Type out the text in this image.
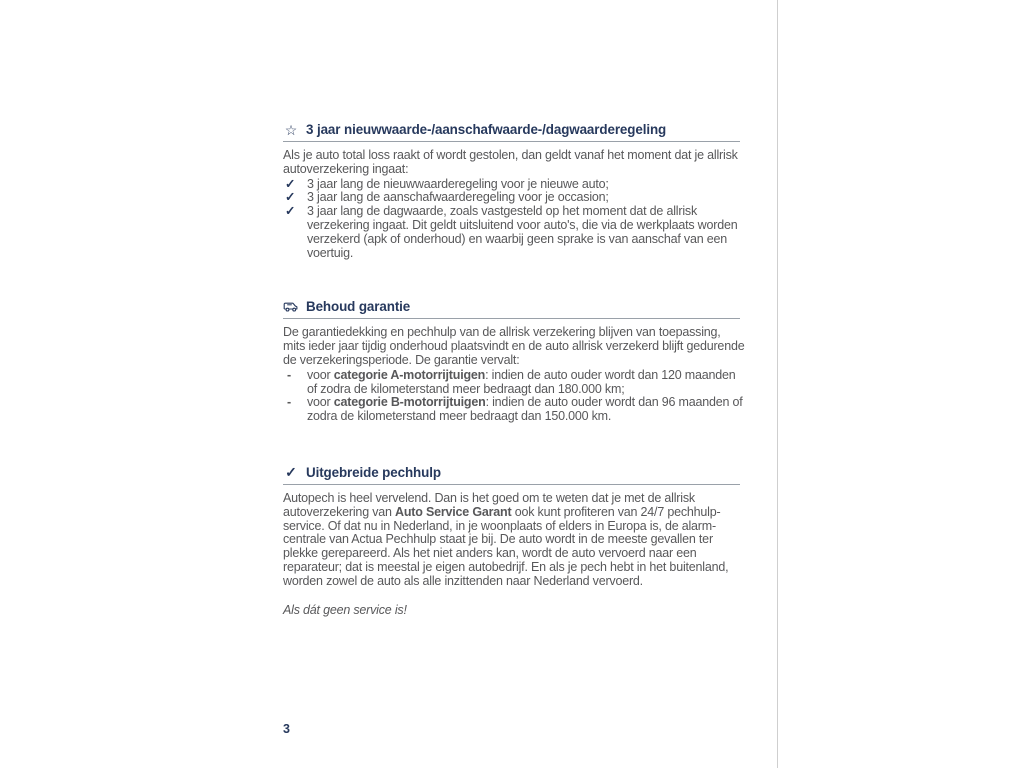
☆ 3 jaar nieuwwaarde-/aanschafwaarde-/dagwaarderegeling

Als je auto total loss raakt of wordt gestolen, dan geldt vanaf het moment dat je allrisk autoverzekering ingaat:

✓ 3 jaar lang de nieuwwaarderegeling voor je nieuwe auto;
✓ 3 jaar lang de aanschafwaarderegeling voor je occasion;
✓ 3 jaar lang de dagwaarde, zoals vastgesteld op het moment dat de allrisk verzekering ingaat. Dit geldt uitsluitend voor auto's, die via de werkplaats worden verzekerd (apk of onderhoud) en waarbij geen sprake is van aanschaf van een voertuig.
Behoud garantie

De garantiedekking en pechhulp van de allrisk verzekering blijven van toepassing, mits ieder jaar tijdig onderhoud plaatsvindt en de auto allrisk verzekerd blijft gedurende de verzekeringsperiode. De garantie vervalt:

- voor categorie A-motorrijtuigen: indien de auto ouder wordt dan 120 maanden of zodra de kilometerstand meer bedraagt dan 180.000 km;
- voor categorie B-motorrijtuigen: indien de auto ouder wordt dan 96 maanden of zodra de kilometerstand meer bedraagt dan 150.000 km.
✓ Uitgebreide pechhulp

Autopech is heel vervelend. Dan is het goed om te weten dat je met de allrisk autoverzekering van Auto Service Garant ook kunt profiteren van 24/7 pechhulp-service. Of dat nu in Nederland, in je woonplaats of elders in Europa is, de alarm-centrale van Actua Pechhulp staat je bij. De auto wordt in de meeste gevallen ter plekke gerepareerd. Als het niet anders kan, wordt de auto vervoerd naar een reparateur; dat is meestal je eigen autobedrijf. En als je pech hebt in het buitenland, worden zowel de auto als alle inzittenden naar Nederland vervoerd.

Als dát geen service is!

3
